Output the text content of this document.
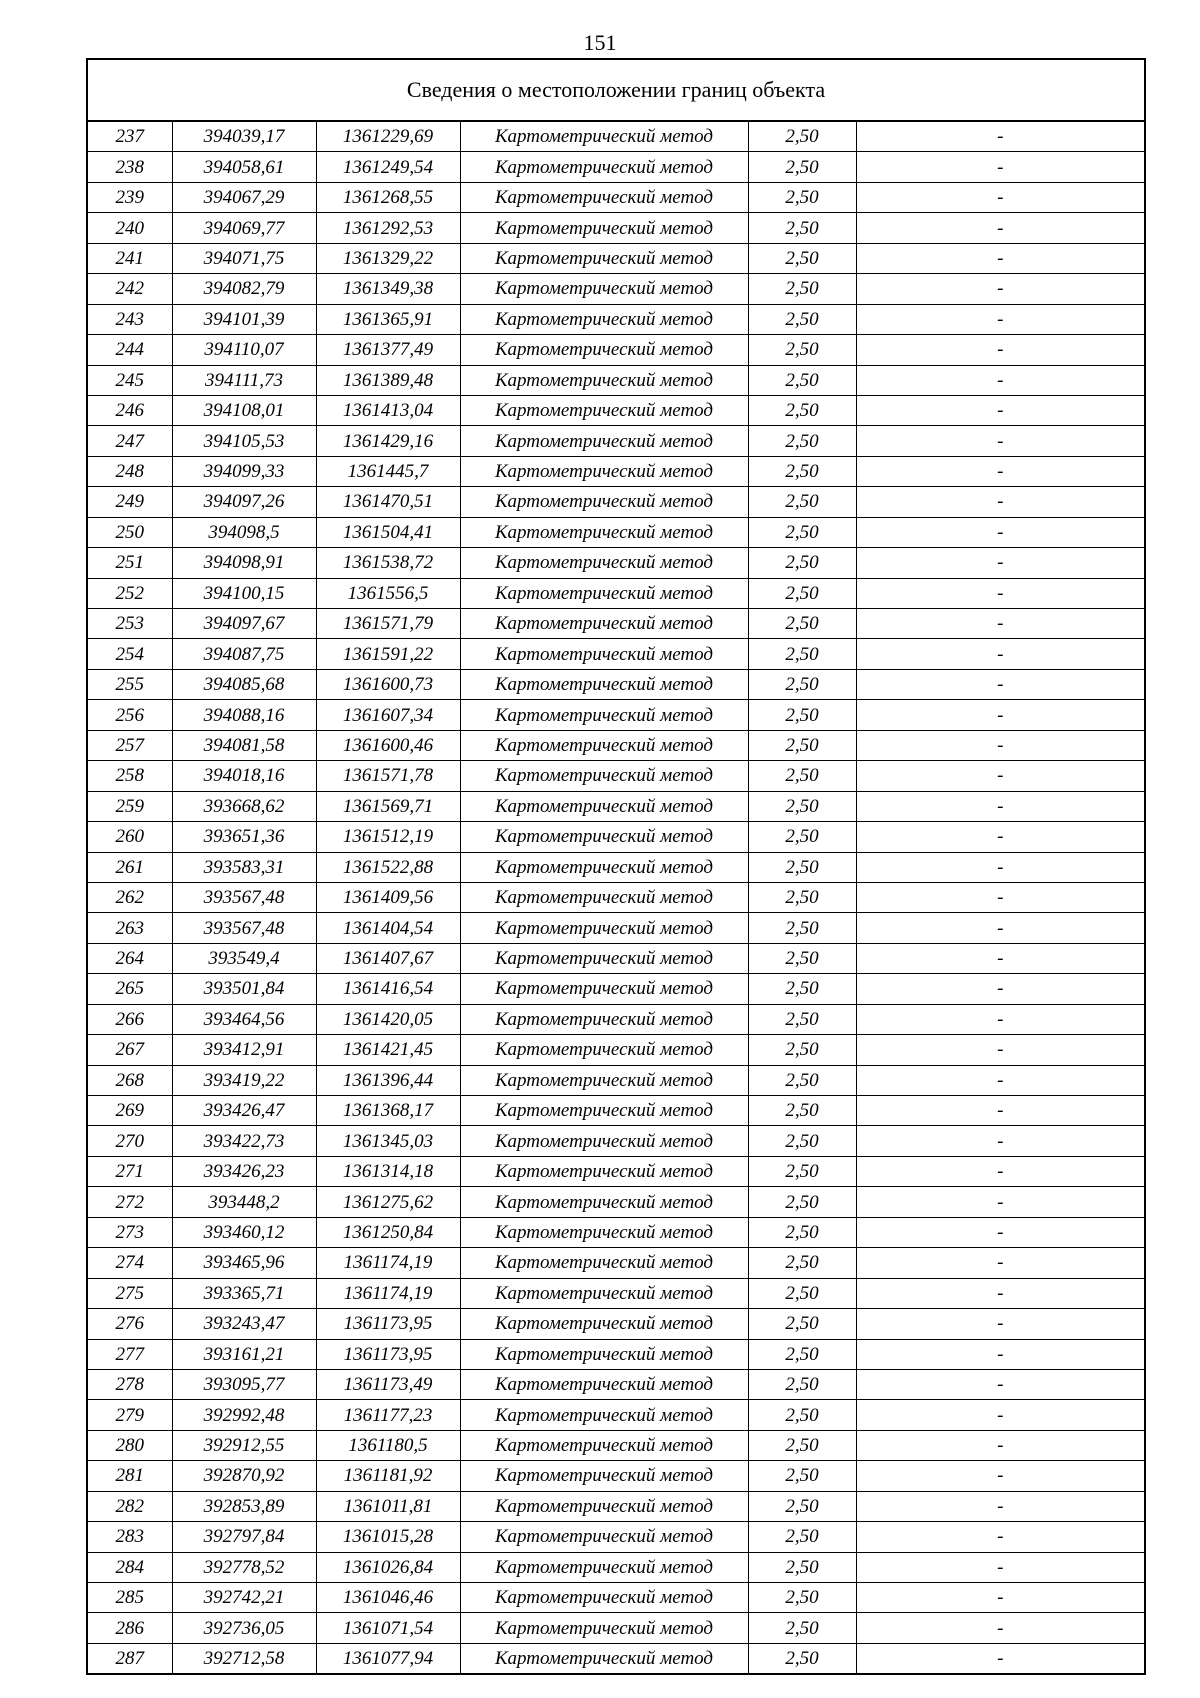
151
Сведения о местоположении границ объекта
237	394039,17	1361229,69	Картометрический метод	2,50	-
238	394058,61	1361249,54	Картометрический метод	2,50	-
239	394067,29	1361268,55	Картометрический метод	2,50	-
240	394069,77	1361292,53	Картометрический метод	2,50	-
241	394071,75	1361329,22	Картометрический метод	2,50	-
242	394082,79	1361349,38	Картометрический метод	2,50	-
243	394101,39	1361365,91	Картометрический метод	2,50	-
244	394110,07	1361377,49	Картометрический метод	2,50	-
245	394111,73	1361389,48	Картометрический метод	2,50	-
246	394108,01	1361413,04	Картометрический метод	2,50	-
247	394105,53	1361429,16	Картометрический метод	2,50	-
248	394099,33	1361445,7	Картометрический метод	2,50	-
249	394097,26	1361470,51	Картометрический метод	2,50	-
250	394098,5	1361504,41	Картометрический метод	2,50	-
251	394098,91	1361538,72	Картометрический метод	2,50	-
252	394100,15	1361556,5	Картометрический метод	2,50	-
253	394097,67	1361571,79	Картометрический метод	2,50	-
254	394087,75	1361591,22	Картометрический метод	2,50	-
255	394085,68	1361600,73	Картометрический метод	2,50	-
256	394088,16	1361607,34	Картометрический метод	2,50	-
257	394081,58	1361600,46	Картометрический метод	2,50	-
258	394018,16	1361571,78	Картометрический метод	2,50	-
259	393668,62	1361569,71	Картометрический метод	2,50	-
260	393651,36	1361512,19	Картометрический метод	2,50	-
261	393583,31	1361522,88	Картометрический метод	2,50	-
262	393567,48	1361409,56	Картометрический метод	2,50	-
263	393567,48	1361404,54	Картометрический метод	2,50	-
264	393549,4	1361407,67	Картометрический метод	2,50	-
265	393501,84	1361416,54	Картометрический метод	2,50	-
266	393464,56	1361420,05	Картометрический метод	2,50	-
267	393412,91	1361421,45	Картометрический метод	2,50	-
268	393419,22	1361396,44	Картометрический метод	2,50	-
269	393426,47	1361368,17	Картометрический метод	2,50	-
270	393422,73	1361345,03	Картометрический метод	2,50	-
271	393426,23	1361314,18	Картометрический метод	2,50	-
272	393448,2	1361275,62	Картометрический метод	2,50	-
273	393460,12	1361250,84	Картометрический метод	2,50	-
274	393465,96	1361174,19	Картометрический метод	2,50	-
275	393365,71	1361174,19	Картометрический метод	2,50	-
276	393243,47	1361173,95	Картометрический метод	2,50	-
277	393161,21	1361173,95	Картометрический метод	2,50	-
278	393095,77	1361173,49	Картометрический метод	2,50	-
279	392992,48	1361177,23	Картометрический метод	2,50	-
280	392912,55	1361180,5	Картометрический метод	2,50	-
281	392870,92	1361181,92	Картометрический метод	2,50	-
282	392853,89	1361011,81	Картометрический метод	2,50	-
283	392797,84	1361015,28	Картометрический метод	2,50	-
284	392778,52	1361026,84	Картометрический метод	2,50	-
285	392742,21	1361046,46	Картометрический метод	2,50	-
286	392736,05	1361071,54	Картометрический метод	2,50	-
287	392712,58	1361077,94	Картометрический метод	2,50	-
